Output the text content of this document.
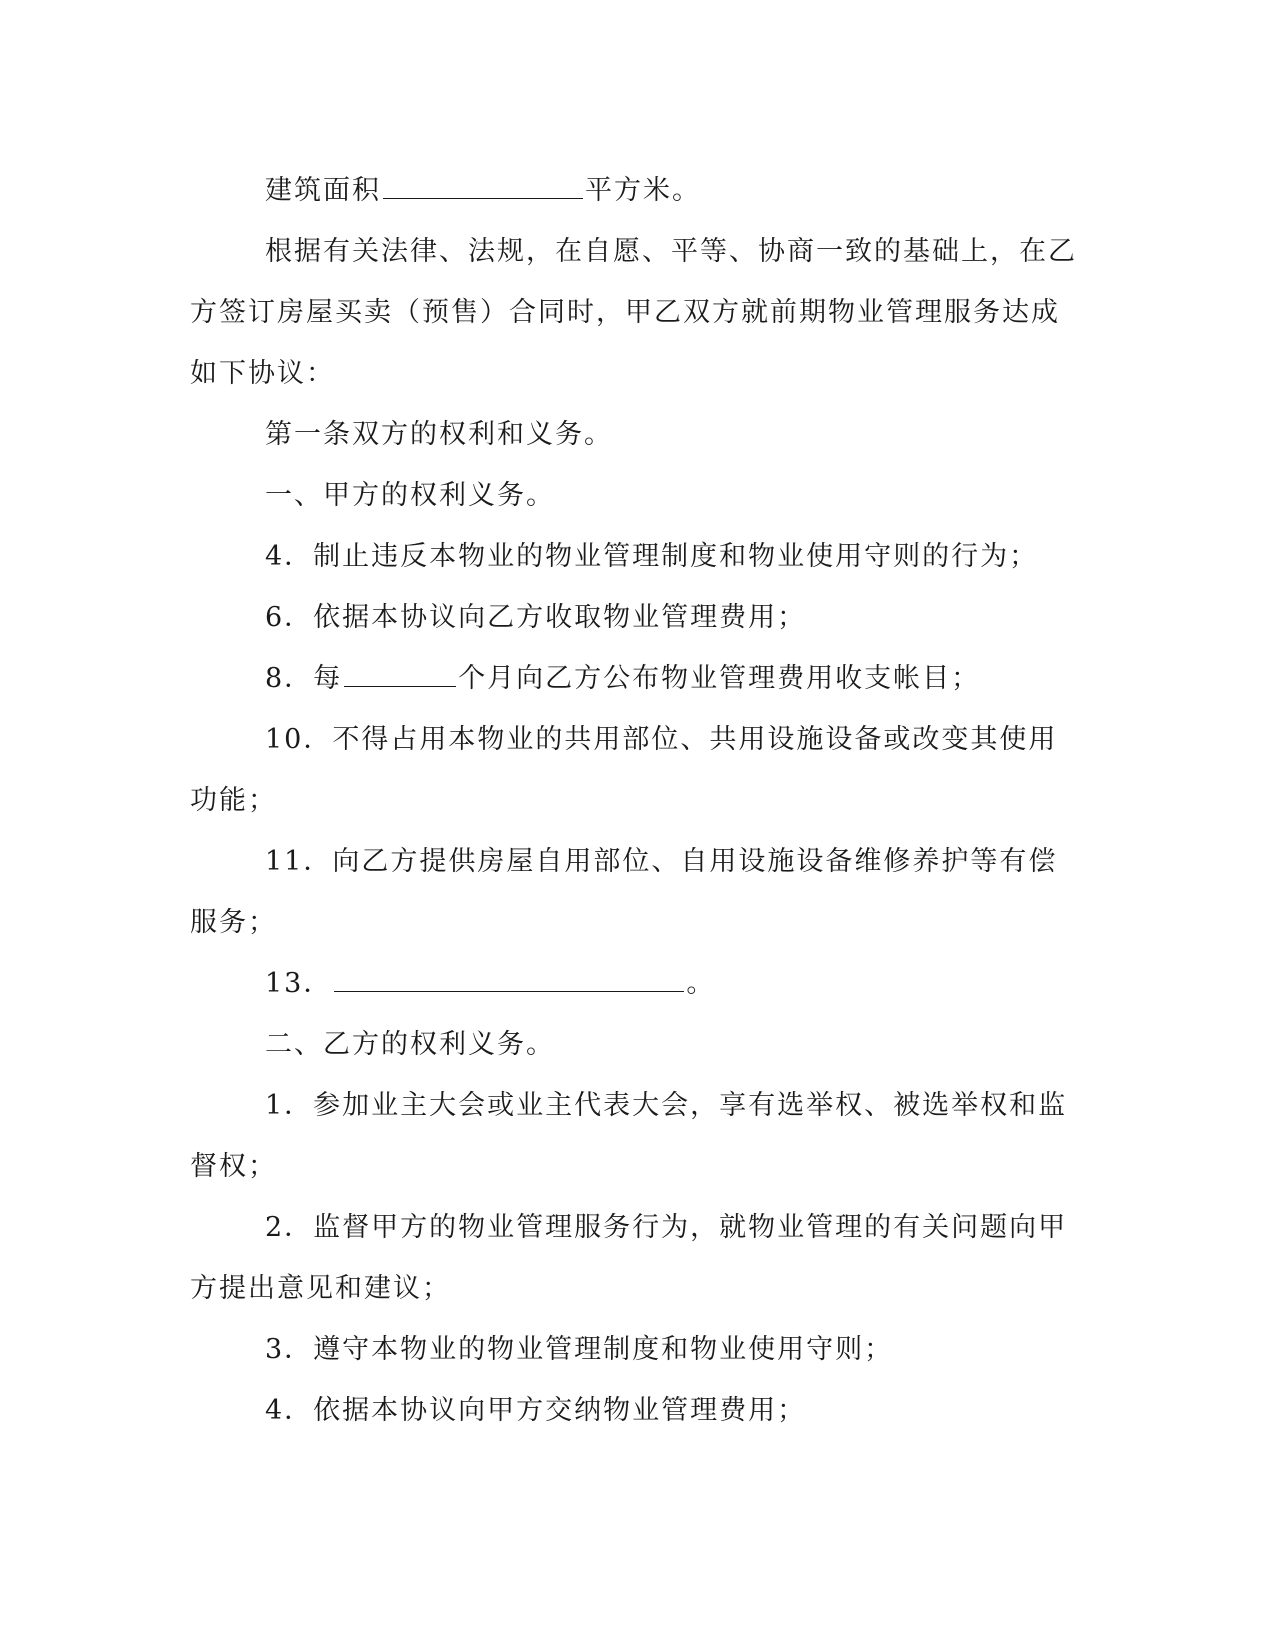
建筑面积	平方米。

根据有关法律、法规，在自愿、平等、协商一致的基础上，在乙方签订房屋买卖（预售）合同时，甲乙双方就前期物业管理服务达成如下协议：

第一条双方的权利和义务。

一、甲方的权利义务。

4．制止违反本物业的物业管理制度和物业使用守则的行为；

6．依据本协议向乙方收取物业管理费用；

8．每	个月向乙方公布物业管理费用收支帐目；

10．不得占用本物业的共用部位、共用设施设备或改变其使用功能；

11．向乙方提供房屋自用部位、自用设施设备维修养护等有偿服务；

13．	。

二、乙方的权利义务。

1．参加业主大会或业主代表大会，享有选举权、被选举权和监督权；

2．监督甲方的物业管理服务行为，就物业管理的有关问题向甲方提出意见和建议；

3．遵守本物业的物业管理制度和物业使用守则；

4．依据本协议向甲方交纳物业管理费用；
